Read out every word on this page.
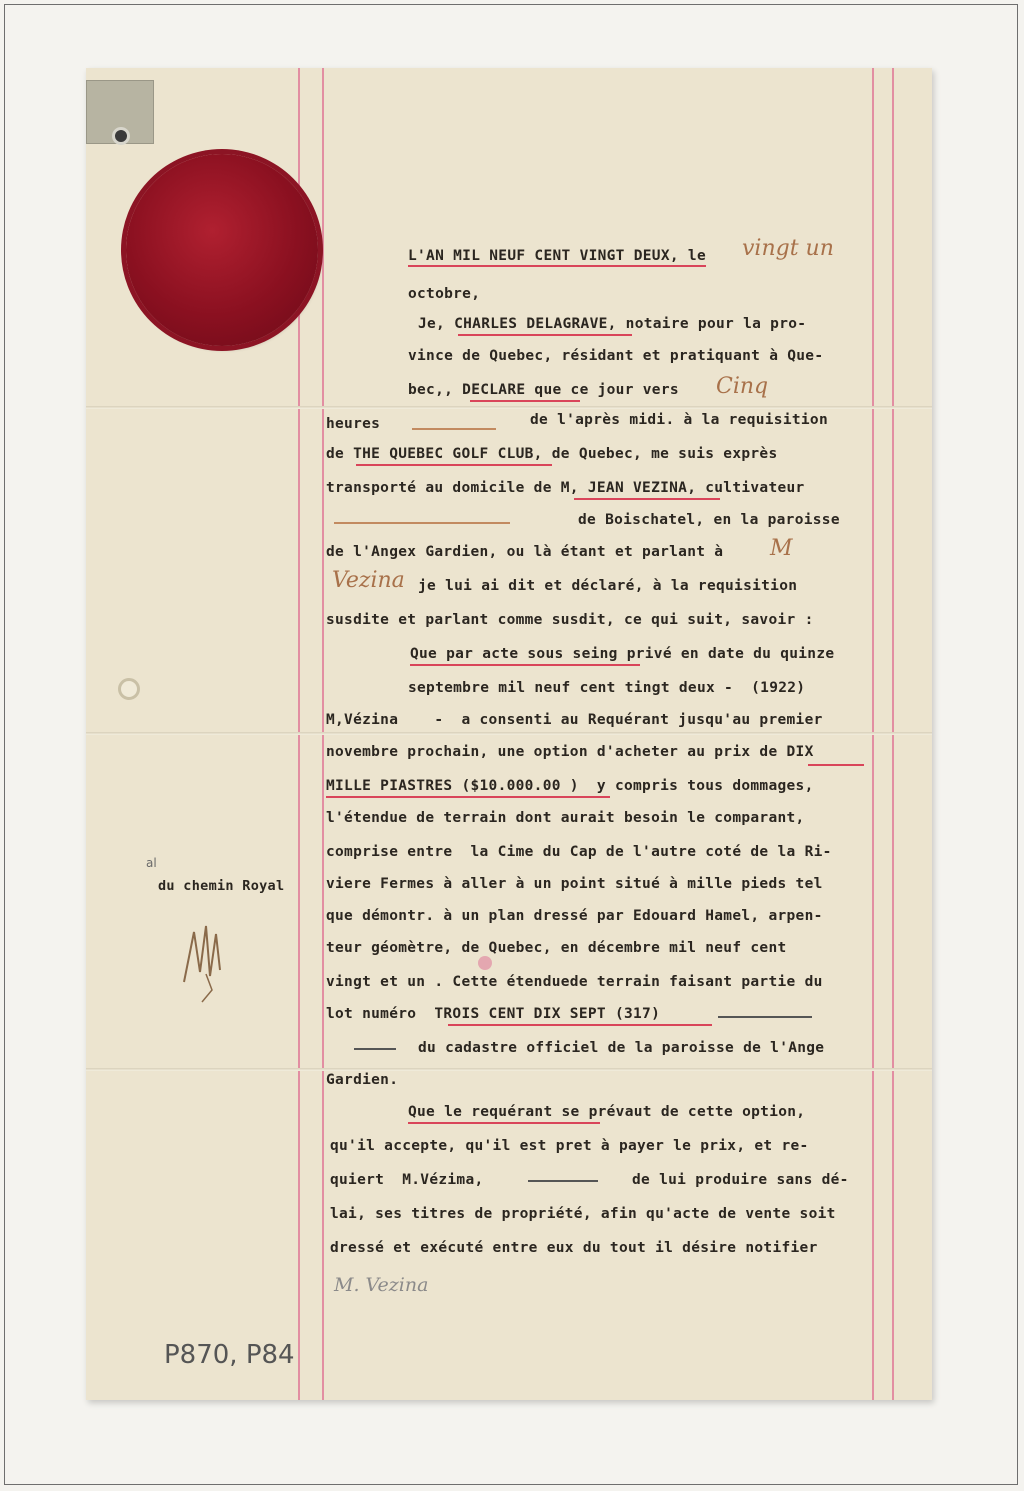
L'AN MIL NEUF CENT VINGT DEUX, le
octobre,
Je, CHARLES DELAGRAVE, notaire pour la pro-
vince de Quebec, résidant et pratiquant à Que-
bec,, DECLARE que ce jour vers
heures	de l'après midi. à la requisition
de THE QUEBEC GOLF CLUB, de Quebec, me suis exprès
transporté au domicile de M, JEAN VEZINA, cultivateur
de Boischatel, en la paroisse
de l'Angex Gardien, ou là étant et parlant à
je lui ai dit et déclaré, à la requisition
susdite et parlant comme susdit, ce qui suit, savoir :
Que par acte sous seing privé en date du quinze
septembre mil neuf cent tingt deux -  (1922)
M,Vézina    -  a consenti au Requérant jusqu'au premier
novembre prochain, une option d'acheter au prix de DIX
MILLE PIASTRES ($10.000.00 )  y compris tous dommages,
l'étendue de terrain dont aurait besoin le comparant,
comprise entre  la Cime du Cap de l'autre coté de la Ri-
viere Fermes à aller à un point situé à mille pieds tel
que démontr. à un plan dressé par Edouard Hamel, arpen-
teur géomètre, de Quebec, en décembre mil neuf cent
vingt et un . Cette étenduede terrain faisant partie du
lot numéro  TROIS CENT DIX SEPT (317)
du cadastre officiel de la paroisse de l'Ange
Gardien.
Que le requérant se prévaut de cette option,
qu'il accepte, qu'il est pret à payer le prix, et re-
quiert  M.Vézima,	de lui produire sans dé-
lai, ses titres de propriété, afin qu'acte de vente soit
dressé et exécuté entre eux du tout il désire notifier
vingt un
Cinq
M
Vezina
M. Vezina
al
P870, P84
du chemin Royal
